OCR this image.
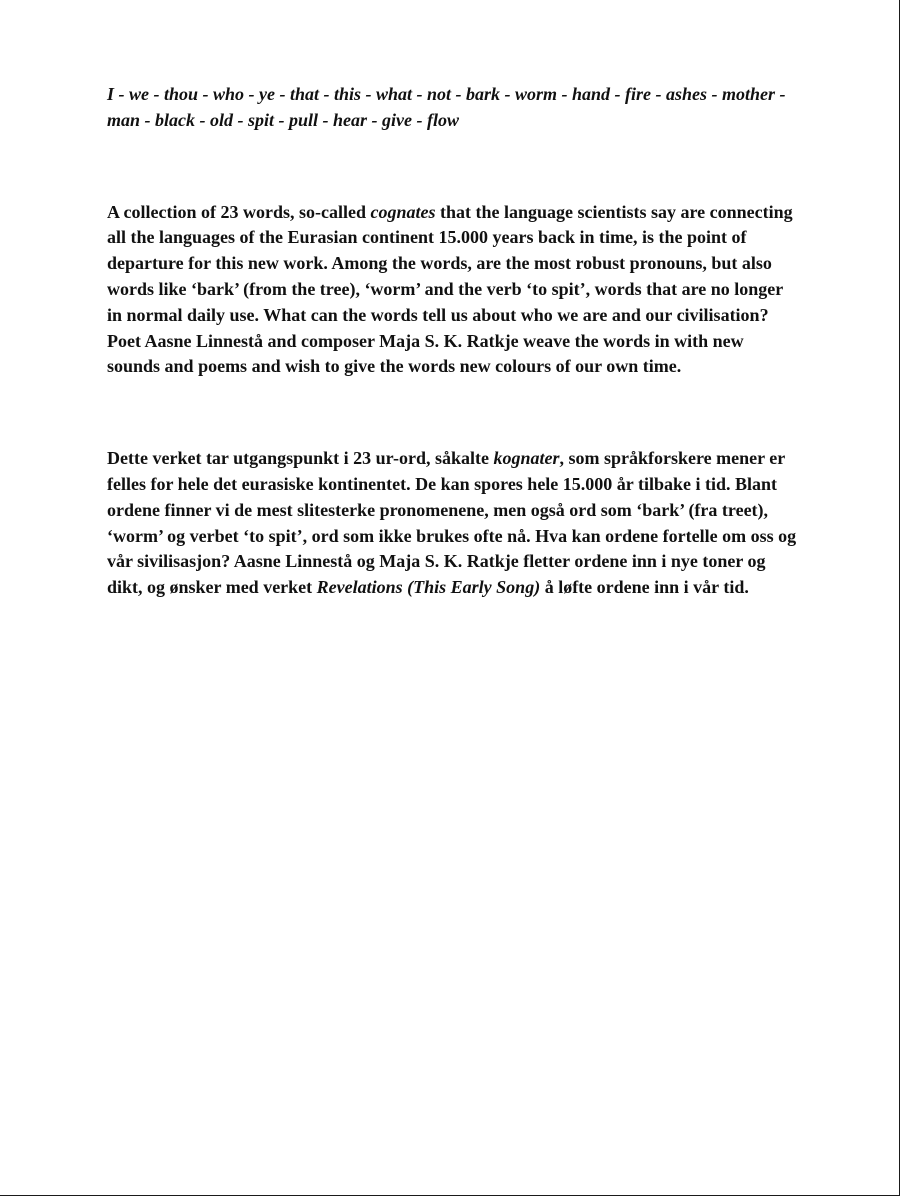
I - we - thou - who - ye - that - this - what - not - bark - worm - hand - fire - ashes - mother - man - black - old - spit - pull - hear - give - flow

A collection of 23 words, so-called cognates that the language scientists say are connecting all the languages of the Eurasian continent 15.000 years back in time, is the point of departure for this new work. Among the words, are the most robust pronouns, but also words like ‘bark’ (from the tree), ‘worm’ and the verb ‘to spit’, words that are no longer in normal daily use. What can the words tell us about who we are and our civilisation? Poet Aasne Linnestå and composer Maja S. K. Ratkje weave the words in with new sounds and poems and wish to give the words new colours of our own time.

Dette verket tar utgangspunkt i 23 ur-ord, såkalte kognater, som språkforskere mener er felles for hele det eurasiske kontinentet. De kan spores hele 15.000 år tilbake i tid. Blant ordene finner vi de mest slitesterke pronomenene, men også ord som ‘bark’ (fra treet), ‘worm’ og verbet ‘to spit’, ord som ikke brukes ofte nå. Hva kan ordene fortelle om oss og vår sivilisasjon? Aasne Linnestå og Maja S. K. Ratkje fletter ordene inn i nye toner og dikt, og ønsker med verket Revelations (This Early Song) å løfte ordene inn i vår tid.
